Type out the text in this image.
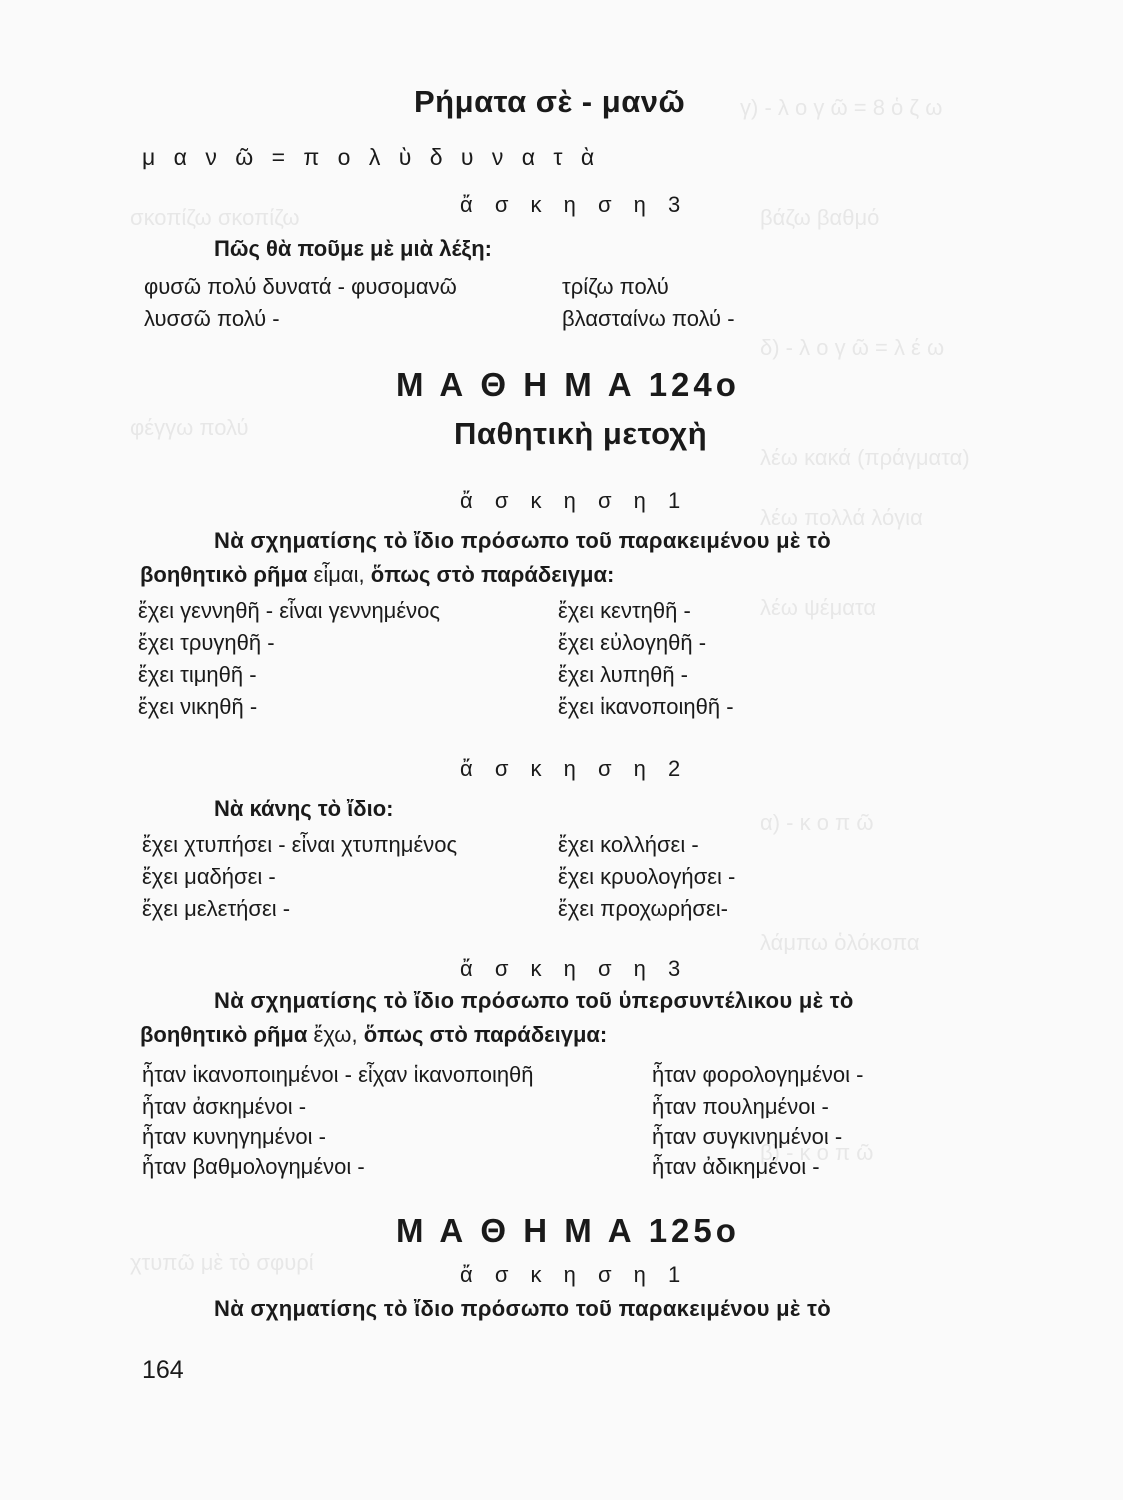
γ) - λ ο γ ῶ = 8 ὁ ζ ω
σκοπίζω σκοπίζω	βάζω βαθμό
δ) - λ ο γ ῶ = λ έ ω
φέγγω πολύ
λέω κακά (πράγματα)
λέω πολλά λόγια
λέω ψέματα
α) - κ ο π ῶ
λάμπω ὁλόκοπα
β) - κ ο π ῶ
χτυπῶ μὲ τὸ σφυρί
Ρήματα σὲ - μανῶ
μ α ν ῶ = π ο λ ὺ δ υ ν α τ ὰ
ἄ σ κ η σ η 3
Πῶς θὰ ποῦμε μὲ μιὰ λέξη:
φυσῶ πολύ δυνατά - φυσομανῶ
λυσσῶ πολύ -
τρίζω πολύ
βλασταίνω πολύ -
Μ Α Θ Η Μ Α 124ο
Παθητικὴ μετοχὴ
ἄ σ κ η σ η 1
Νὰ σχηματίσης τὸ ἴδιο πρόσωπο τοῦ παρακειμένου μὲ τὸ
βοηθητικὸ ρῆμα εἶμαι, ὅπως στὸ παράδειγμα:
ἔχει γεννηθῆ - εἶναι γεννημένος
ἔχει τρυγηθῆ -
ἔχει τιμηθῆ -
ἔχει νικηθῆ -
ἔχει κεντηθῆ -
ἔχει εὐλογηθῆ -
ἔχει λυπηθῆ -
ἔχει ἱκανοποιηθῆ -
ἄ σ κ η σ η 2
Νὰ κάνης τὸ ἴδιο:
ἔχει χτυπήσει - εἶναι χτυπημένος
ἔχει μαδήσει -
ἔχει μελετήσει -
ἔχει κολλήσει -
ἔχει κρυολογήσει -
ἔχει προχωρήσει-
ἄ σ κ η σ η 3
Νὰ σχηματίσης τὸ ἴδιο πρόσωπο τοῦ ὑπερσυντέλικου μὲ τὸ
βοηθητικὸ ρῆμα ἔχω, ὅπως στὸ παράδειγμα:
ἦταν ἱκανοποιημένοι - εἶχαν ἱκανοποιηθῆ
ἦταν ἀσκημένοι -
ἦταν κυνηγημένοι -
ἦταν βαθμολογημένοι -
ἦταν φορολογημένοι -
ἦταν πουλημένοι -
ἦταν συγκινημένοι -
ἦταν ἀδικημένοι -
Μ Α Θ Η Μ Α 125ο
ἄ σ κ η σ η 1
Νὰ σχηματίσης τὸ ἴδιο πρόσωπο τοῦ παρακειμένου μὲ τὸ
164
